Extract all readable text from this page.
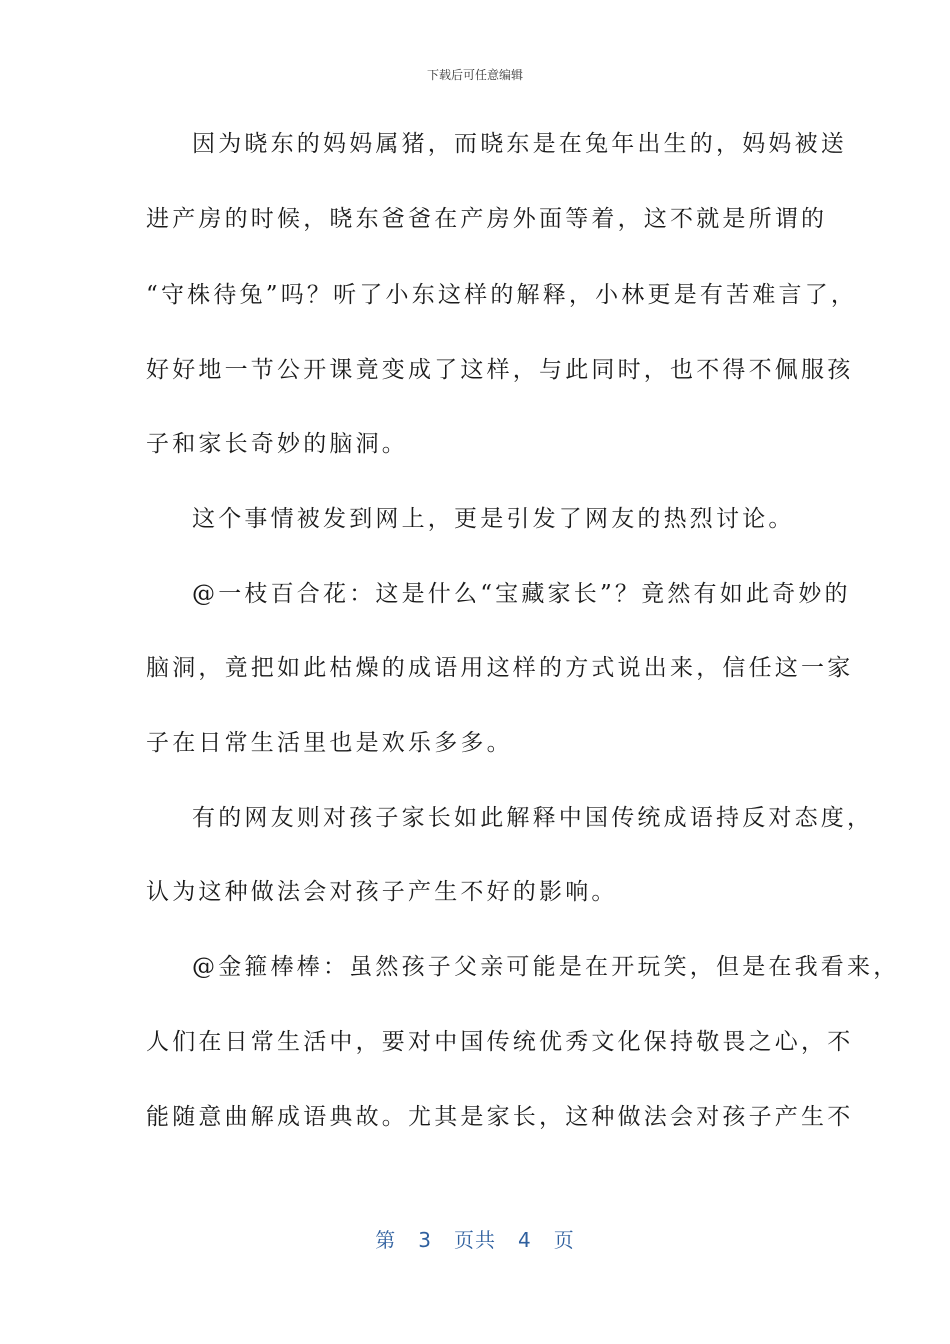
下载后可任意编辑
因为晓东的妈妈属猪，而晓东是在兔年出生的，妈妈被送
进产房的时候，晓东爸爸在产房外面等着，这不就是所谓的
“守株待兔”吗？听了小东这样的解释，小林更是有苦难言了，
好好地一节公开课竟变成了这样，与此同时，也不得不佩服孩
子和家长奇妙的脑洞。
这个事情被发到网上，更是引发了网友的热烈讨论。
@一枝百合花：这是什么“宝藏家长”？竟然有如此奇妙的
脑洞，竟把如此枯燥的成语用这样的方式说出来，信任这一家
子在日常生活里也是欢乐多多。
有的网友则对孩子家长如此解释中国传统成语持反对态度，
认为这种做法会对孩子产生不好的影响。
@金箍棒棒：虽然孩子父亲可能是在开玩笑，但是在我看来，
人们在日常生活中，要对中国传统优秀文化保持敬畏之心，不
能随意曲解成语典故。尤其是家长，这种做法会对孩子产生不
第 3 页共 4 页
